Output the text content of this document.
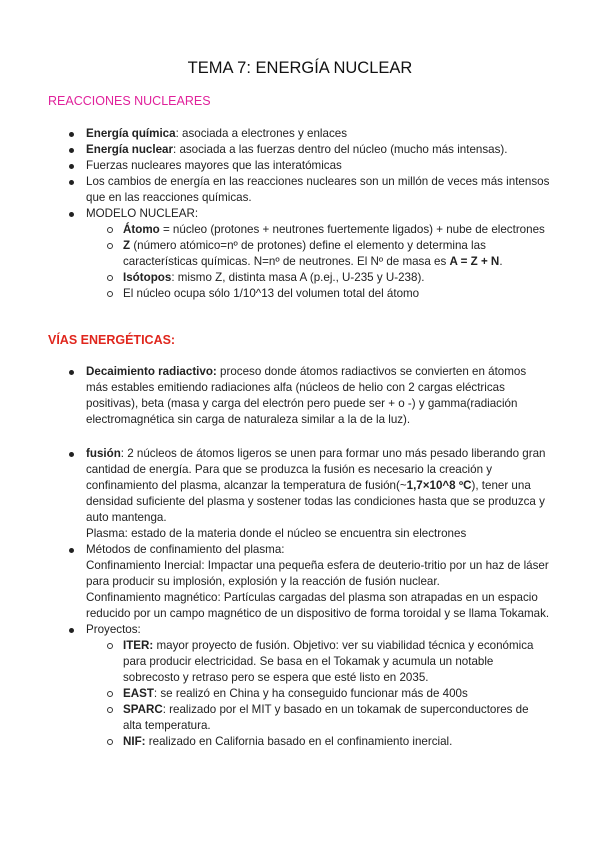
TEMA 7: ENERGÍA NUCLEAR
REACCIONES NUCLEARES
Energía química: asociada a electrones y enlaces
Energía nuclear: asociada a las fuerzas dentro del núcleo (mucho más intensas).
Fuerzas nucleares mayores que las interatómicas
Los cambios de energía en las reacciones nucleares son un millón de veces más intensos que en las reacciones químicas.
MODELO NUCLEAR:
Átomo = núcleo (protones + neutrones fuertemente ligados) + nube de electrones
Z (número atómico=nº de protones) define el elemento y determina las características químicas. N=nº de neutrones. El Nº de masa es A = Z + N.
Isótopos: mismo Z, distinta masa A (p.ej., U-235 y U-238).
El núcleo ocupa sólo 1/10^13 del volumen total del átomo
VÍAS ENERGÉTICAS:
Decaimiento radiactivo: proceso donde átomos radiactivos se convierten en átomos más estables emitiendo radiaciones alfa (núcleos de helio con 2 cargas eléctricas positivas), beta (masa y carga del electrón pero puede ser + o -) y gamma(radiación electromagnética sin carga de naturaleza similar a la de la luz).
fusión: 2 núcleos de átomos ligeros se unen para formar uno más pesado liberando gran cantidad de energía. Para que se produzca la fusión es necesario la creación y confinamiento del plasma, alcanzar la temperatura de fusión(~1,7×10^8 ºC), tener una densidad suficiente del plasma y sostener todas las condiciones hasta que se produzca y auto mantenga.
Plasma: estado de la materia donde el núcleo se encuentra sin electrones
Métodos de confinamiento del plasma:
Confinamiento Inercial: Impactar una pequeña esfera de deuterio-tritio por un haz de láser para producir su implosión, explosión y la reacción de fusión nuclear.
Confinamiento magnético: Partículas cargadas del plasma son atrapadas en un espacio reducido por un campo magnético de un dispositivo de forma toroidal y se llama Tokamak.
Proyectos:
ITER: mayor proyecto de fusión. Objetivo: ver su viabilidad técnica y económica para producir electricidad. Se basa en el Tokamak y acumula un notable sobrecosto y retraso pero se espera que esté listo en 2035.
EAST: se realizó en China y ha conseguido funcionar más de 400s
SPARC: realizado por el MIT y basado en un tokamak de superconductores de alta temperatura.
NIF: realizado en California basado en el confinamiento inercial.
